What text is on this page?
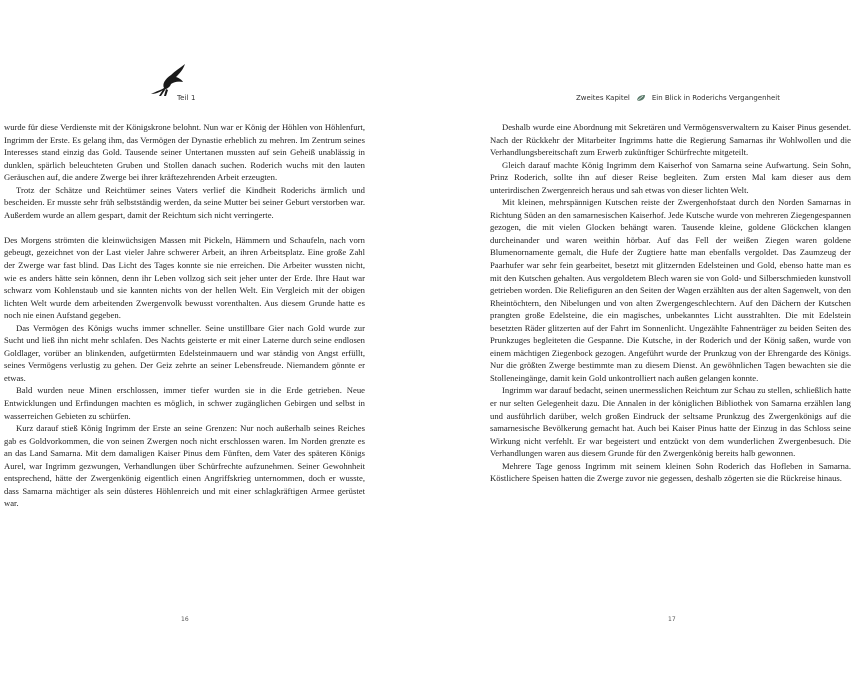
Teil 1

wurde für diese Verdienste mit der Königskrone belohnt. Nun war er König der Höhlen von Höhlenfurt, Ingrimm der Erste. Es gelang ihm, das Vermögen der Dynastie erheblich zu mehren. Im Zentrum seines Interesses stand einzig das Gold. Tausende seiner Untertanen mussten auf sein Geheiß unablässig in dunklen, spärlich beleuchteten Gruben und Stollen danach suchen. Roderich wuchs mit den lauten Geräuschen auf, die andere Zwerge bei ihrer kräftezehrenden Arbeit erzeugten.

Trotz der Schätze und Reichtümer seines Vaters verlief die Kindheit Roderichs ärmlich und bescheiden. Er musste sehr früh selbstständig werden, da seine Mutter bei seiner Geburt verstorben war. Außerdem wurde an allem gespart, damit der Reichtum sich nicht verringerte.

Des Morgens strömten die kleinwüchsigen Massen mit Pickeln, Hämmern und Schaufeln, nach vorn gebeugt, gezeichnet von der Last vieler Jahre schwerer Arbeit, an ihren Arbeitsplatz. Eine große Zahl der Zwerge war fast blind. Das Licht des Tages konnte sie nie erreichen. Die Arbeiter wussten nicht, wie es anders hätte sein können, denn ihr Leben vollzog sich seit jeher unter der Erde. Ihre Haut war schwarz vom Kohlenstaub und sie kannten nichts von der hellen Welt. Ein Vergleich mit der obigen lichten Welt wurde dem arbeitenden Zwergenvolk bewusst vorenthalten. Aus diesem Grunde hatte es noch nie einen Aufstand gegeben.

Das Vermögen des Königs wuchs immer schneller. Seine unstillbare Gier nach Gold wurde zur Sucht und ließ ihn nicht mehr schlafen. Des Nachts geisterte er mit einer Laterne durch seine endlosen Goldlager, vorüber an blinkenden, aufgetürmten Edelsteinmauern und war ständig von Angst erfüllt, seines Vermögens verlustig zu gehen. Der Geiz zehrte an seiner Lebensfreude. Niemandem gönnte er etwas.

Bald wurden neue Minen erschlossen, immer tiefer wurden sie in die Erde getrieben. Neue Entwicklungen und Erfindungen machten es möglich, in schwer zugänglichen Gebirgen und selbst in wasserreichen Gebieten zu schürfen.

Kurz darauf stieß König Ingrimm der Erste an seine Grenzen: Nur noch außerhalb seines Reiches gab es Goldvorkommen, die von seinen Zwergen noch nicht erschlossen waren. Im Norden grenzte es an das Land Samarna. Mit dem damaligen Kaiser Pinus dem Fünften, dem Vater des späteren Königs Aurel, war Ingrimm gezwungen, Verhandlungen über Schürfrechte aufzunehmen. Seiner Gewohnheit entsprechend, hätte der Zwergenkönig eigentlich einen Angriffskrieg unternommen, doch er wusste, dass Samarna mächtiger als sein düsteres Höhlenreich und mit einer schlagkräftigen Armee gerüstet war.

16
Zweites Kapitel	Ein Blick in Roderichs Vergangenheit

Deshalb wurde eine Abordnung mit Sekretären und Vermögensverwaltern zu Kaiser Pinus gesendet. Nach der Rückkehr der Mitarbeiter Ingrimms hatte die Regierung Samarnas ihr Wohlwollen und die Verhandlungsbereitschaft zum Erwerb zukünftiger Schürfrechte mitgeteilt.

Gleich darauf machte König Ingrimm dem Kaiserhof von Samarna seine Aufwartung. Sein Sohn, Prinz Roderich, sollte ihn auf dieser Reise begleiten. Zum ersten Mal kam dieser aus dem unterirdischen Zwergenreich heraus und sah etwas von dieser lichten Welt.

Mit kleinen, mehrspännigen Kutschen reiste der Zwergenhofstaat durch den Norden Samarnas in Richtung Süden an den samarnesischen Kaiserhof. Jede Kutsche wurde von mehreren Ziegengespannen gezogen, die mit vielen Glocken behängt waren. Tausende kleine, goldene Glöckchen klangen durcheinander und waren weithin hörbar. Auf das Fell der weißen Ziegen waren goldene Blumenornamente gemalt, die Hufe der Zugtiere hatte man ebenfalls vergoldet. Das Zaumzeug der Paarhufer war sehr fein gearbeitet, besetzt mit glitzernden Edelsteinen und Gold, ebenso hatte man es mit den Kutschen gehalten. Aus vergoldetem Blech waren sie von Gold- und Silberschmieden kunstvoll getrieben worden. Die Reliefiguren an den Seiten der Wagen erzählten aus der alten Sagenwelt, von den Rheintöchtern, den Nibelungen und von alten Zwergengeschlechtern. Auf den Dächern der Kutschen prangten große Edelsteine, die ein magisches, unbekanntes Licht ausstrahlten. Die mit Edelstein besetzten Räder glitzerten auf der Fahrt im Sonnenlicht. Ungezählte Fahnenträger zu beiden Seiten des Prunkzuges begleiteten die Gespanne. Die Kutsche, in der Roderich und der König saßen, wurde von einem mächtigen Ziegenbock gezogen. Angeführt wurde der Prunkzug von der Ehrengarde des Königs. Nur die größten Zwerge bestimmte man zu diesem Dienst. An gewöhnlichen Tagen bewachten sie die Stolleneingänge, damit kein Gold unkontrolliert nach außen gelangen konnte.

Ingrimm war darauf bedacht, seinen unermesslichen Reichtum zur Schau zu stellen, schließlich hatte er nur selten Gelegenheit dazu. Die Annalen in der königlichen Bibliothek von Samarna erzählen lang und ausführlich darüber, welch großen Eindruck der seltsame Prunkzug des Zwergenkönigs auf die samarnesische Bevölkerung gemacht hat. Auch bei Kaiser Pinus hatte der Einzug in das Schloss seine Wirkung nicht verfehlt. Er war begeistert und entzückt von dem wunderlichen Zwergenbesuch. Die Verhandlungen waren aus diesem Grunde für den Zwergenkönig bereits halb gewonnen.

Mehrere Tage genoss Ingrimm mit seinem kleinen Sohn Roderich das Hofleben in Samarna. Köstlichere Speisen hatten die Zwerge zuvor nie gegessen, deshalb zögerten sie die Rückreise hinaus.

17
